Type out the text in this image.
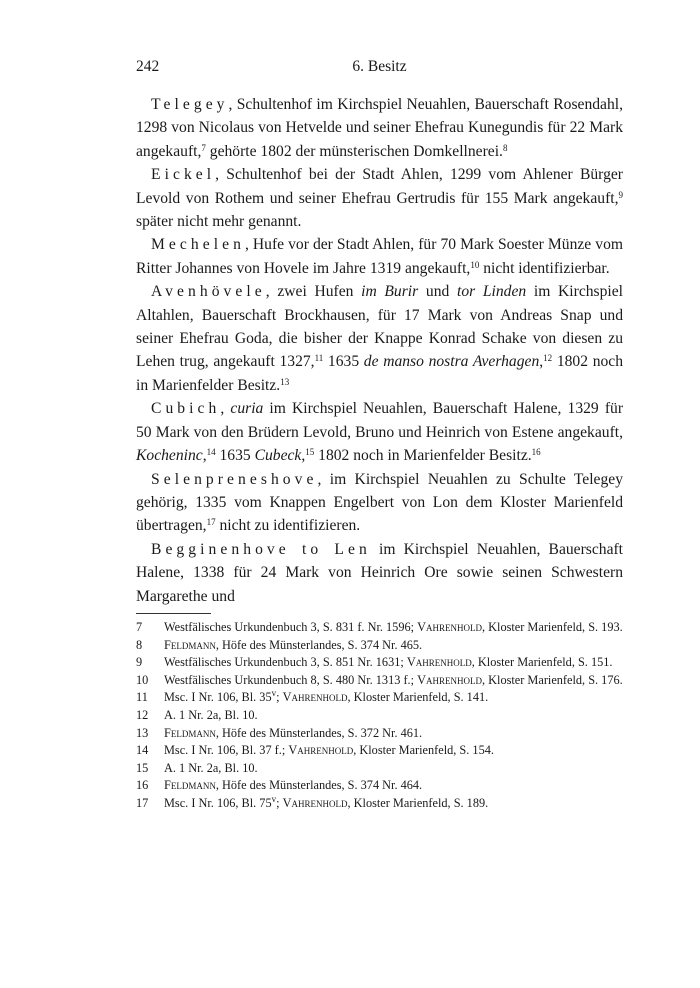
242	6. Besitz

Telegey, Schultenhof im Kirchspiel Neuahlen, Bauerschaft Rosendahl, 1298 von Nicolaus von Hetvelde und seiner Ehefrau Kunegundis für 22 Mark angekauft,$^7$ gehörte 1802 der münsterischen Domkellnerei.$^8$

Eickel, Schultenhof bei der Stadt Ahlen, 1299 vom Ahlener Bürger Levold von Rothem und seiner Ehefrau Gertrudis für 155 Mark angekauft,$^9$ später nicht mehr genannt.

Mechelen, Hufe vor der Stadt Ahlen, für 70 Mark Soester Münze vom Ritter Johannes von Hovele im Jahre 1319 angekauft,$^{10}$ nicht identifizierbar.

Avenhövele, zwei Hufen im Burir und tor Linden im Kirchspiel Altahlen, Bauerschaft Brockhausen, für 17 Mark von Andreas Snap und seiner Ehefrau Goda, die bisher der Knappe Konrad Schake von diesen zu Lehen trug, angekauft 1327,11 1635 de manso nostra Averhagen,$^{12}$ 1802 noch in Marienfelder Besitz.$^{13}$

Cubich, curia im Kirchspiel Neuahlen, Bauerschaft Halene, 1329 für 50 Mark von den Brüdern Levold, Bruno und Heinrich von Estene angekauft, Kocheninc,$^{14}$ 1635 Cubeck,$^{15}$ 1802 noch in Marienfelder Besitz.$^{16}$

Selenpreneshove, im Kirchspiel Neuahlen zu Schulte Telegey gehörig, 1335 vom Knappen Engelbert von Lon dem Kloster Marienfeld übertragen,$^{17}$ nicht zu identifizieren.

Begginenhove to Len im Kirchspiel Neuahlen, Bauerschaft Halene, 1338 für 24 Mark von Heinrich Ore sowie seinen Schwestern Margarethe und

7	Westfälisches Urkundenbuch 3, S. 831 f. Nr. 1596; Vahrenhold, Kloster Marienfeld, S. 193.
8	Feldmann, Höfe des Münsterlandes, S. 374 Nr. 465.
9	Westfälisches Urkundenbuch 3, S. 851 Nr. 1631; Vahrenhold, Kloster Marienfeld, S. 151.
10	Westfälisches Urkundenbuch 8, S. 480 Nr. 1313 f.; Vahrenhold, Kloster Marienfeld, S. 176.
11	Msc. I Nr. 106, Bl. 35$^v$; Vahrenhold, Kloster Marienfeld, S. 141.
12	A. 1 Nr. 2a, Bl. 10.
13	Feldmann, Höfe des Münsterlandes, S. 372 Nr. 461.
14	Msc. I Nr. 106, Bl. 37 f.; Vahrenhold, Kloster Marienfeld, S. 154.
15	A. 1 Nr. 2a, Bl. 10.
16	Feldmann, Höfe des Münsterlandes, S. 374 Nr. 464.
17	Msc. I Nr. 106, Bl. 75$^v$; Vahrenhold, Kloster Marienfeld, S. 189.
